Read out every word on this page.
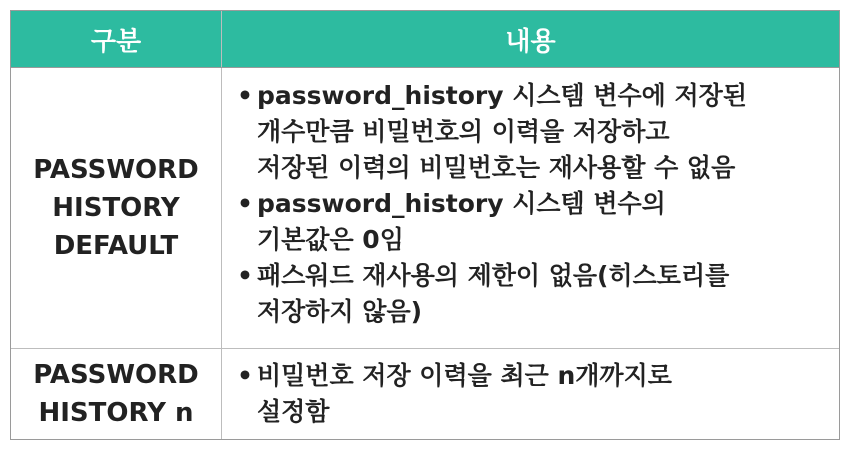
구분	내용
PASSWORD
HISTORY
DEFAULT
• password_history 시스템 변수에 저장된
개수만큼 비밀번호의 이력을 저장하고
저장된 이력의 비밀번호는 재사용할 수 없음
• password_history 시스템 변수의
기본값은 0임
• 패스워드 재사용의 제한이 없음(히스토리를
저장하지 않음)
PASSWORD
HISTORY n
• 비밀번호 저장 이력을 최근 n개까지로
설정함
